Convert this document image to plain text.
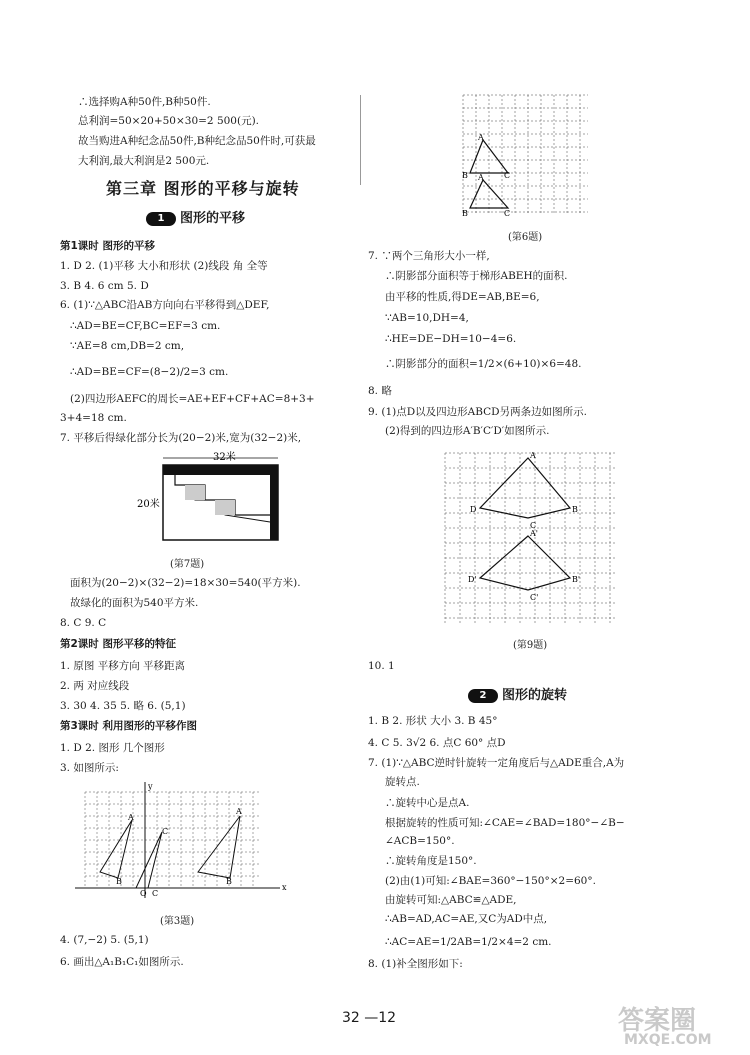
∴选择购A种50件,B种50件.
总利润=50×20+50×30=2 500(元).
故当购进A种纪念品50件,B种纪念品50件时,可获最
大利润,最大利润是2 500元.
第三章 图形的平移与旋转
1 图形的平移
第1课时 图形的平移
1. D 2. (1)平移 大小和形状 (2)线段 角 全等
3. B 4. 6 cm 5. D
6. (1)∵△ABC沿AB方向向右平移得到△DEF,
∴AD=BE=CF,BC=EF=3 cm.
∵AE=8 cm,DB=2 cm,
∴AD=BE=CF=(8−2)/2=3 cm.
(2)四边形AEFC的周长=AE+EF+CF+AC=8+3+
3+4=18 cm.
7. 平移后得绿化部分长为(20−2)米,宽为(32−2)米,
32米
20米
(第7题)
面积为(20−2)×(32−2)=18×30=540(平方米).
故绿化的面积为540平方米.
8. C 9. C
第2课时 图形平移的特征
1. 原图 平移方向 平移距离
2. 两 对应线段
3. 30 4. 35 5. 略 6. (5,1)
第3课时 利用图形的平移作图
1. D 2. 图形 几个图形
3. 如图所示:
y
A
C
A
B
C
O
B
x
(第3题)
4. (7,−2) 5. (5,1)
6. 画出△A₁B₁C₁如图所示.
A
B	C
A
B	C
(第6题)
7. ∵两个三角形大小一样,
∴阴影部分面积等于梯形ABEH的面积.
由平移的性质,得DE=AB,BE=6,
∵AB=10,DH=4,
∴HE=DE−DH=10−4=6.
∴阴影部分的面积=1/2×(6+10)×6=48.
8. 略
9. (1)点D以及四边形ABCD另两条边如图所示.
(2)得到的四边形A′B′C′D′如图所示.
A
D
C
B
A'
D'
C'
B'
(第9题)
10. 1
2 图形的旋转
1. B 2. 形状 大小 3. B 45°
4. C 5. 3√2 6. 点C 60° 点D
7. (1)∵△ABC逆时针旋转一定角度后与△ADE重合,A为
旋转点.
∴旋转中心是点A.
根据旋转的性质可知:∠CAE=∠BAD=180°−∠B−
∠ACB=150°.
∴旋转角度是150°.
(2)由(1)可知:∠BAE=360°−150°×2=60°.
由旋转可知:△ABC≌△ADE,
∴AB=AD,AC=AE,又C为AD中点,
∴AC=AE=1/2AB=1/2×4=2 cm.
8. (1)补全图形如下:
32 —12	答案圈
MXQE.COM
